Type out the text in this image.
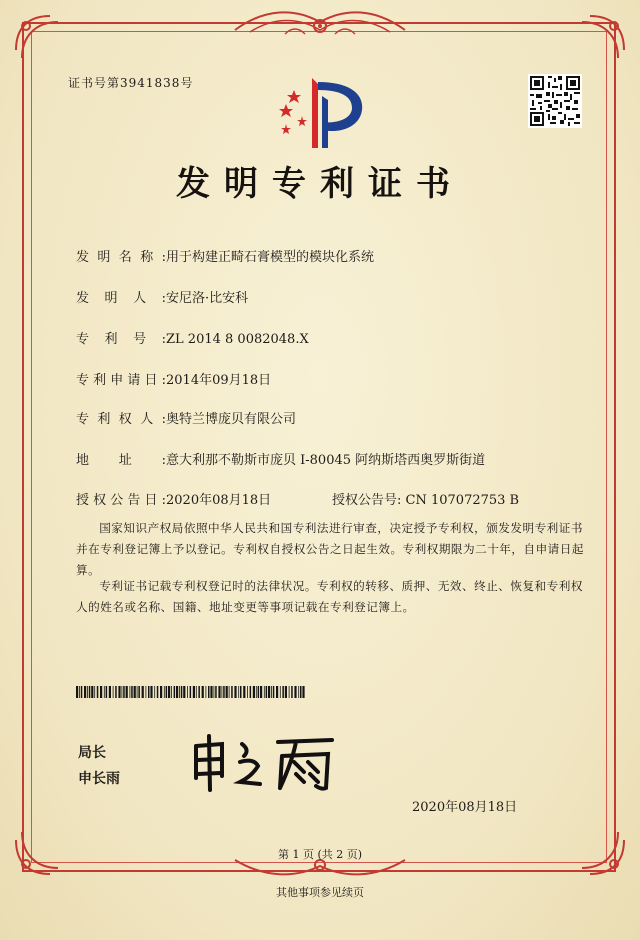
证书号第3941838号
发明专利证书
发明名称:用于构建正畸石膏模型的模块化系统
发明人:安尼洛·比安科
专利号:ZL 2014 8 0082048.X
专利申请日:2014年09月18日
专利权人:奥特兰博庞贝有限公司
地址:意大利那不勒斯市庞贝 I-80045 阿纳斯塔西奥罗斯街道
授权公告日:2020年08月18日	授权公告号: CN 107072753 B
国家知识产权局依照中华人民共和国专利法进行审查，决定授予专利权，颁发发明专利证书并在专利登记簿上予以登记。专利权自授权公告之日起生效。专利权期限为二十年，自申请日起算。
专利证书记载专利权登记时的法律状况。专利权的转移、质押、无效、终止、恢复和专利权人的姓名或名称、国籍、地址变更等事项记载在专利登记簿上。
局长
申长雨
2020年08月18日
第 1 页 (共 2 页)
其他事项参见续页
